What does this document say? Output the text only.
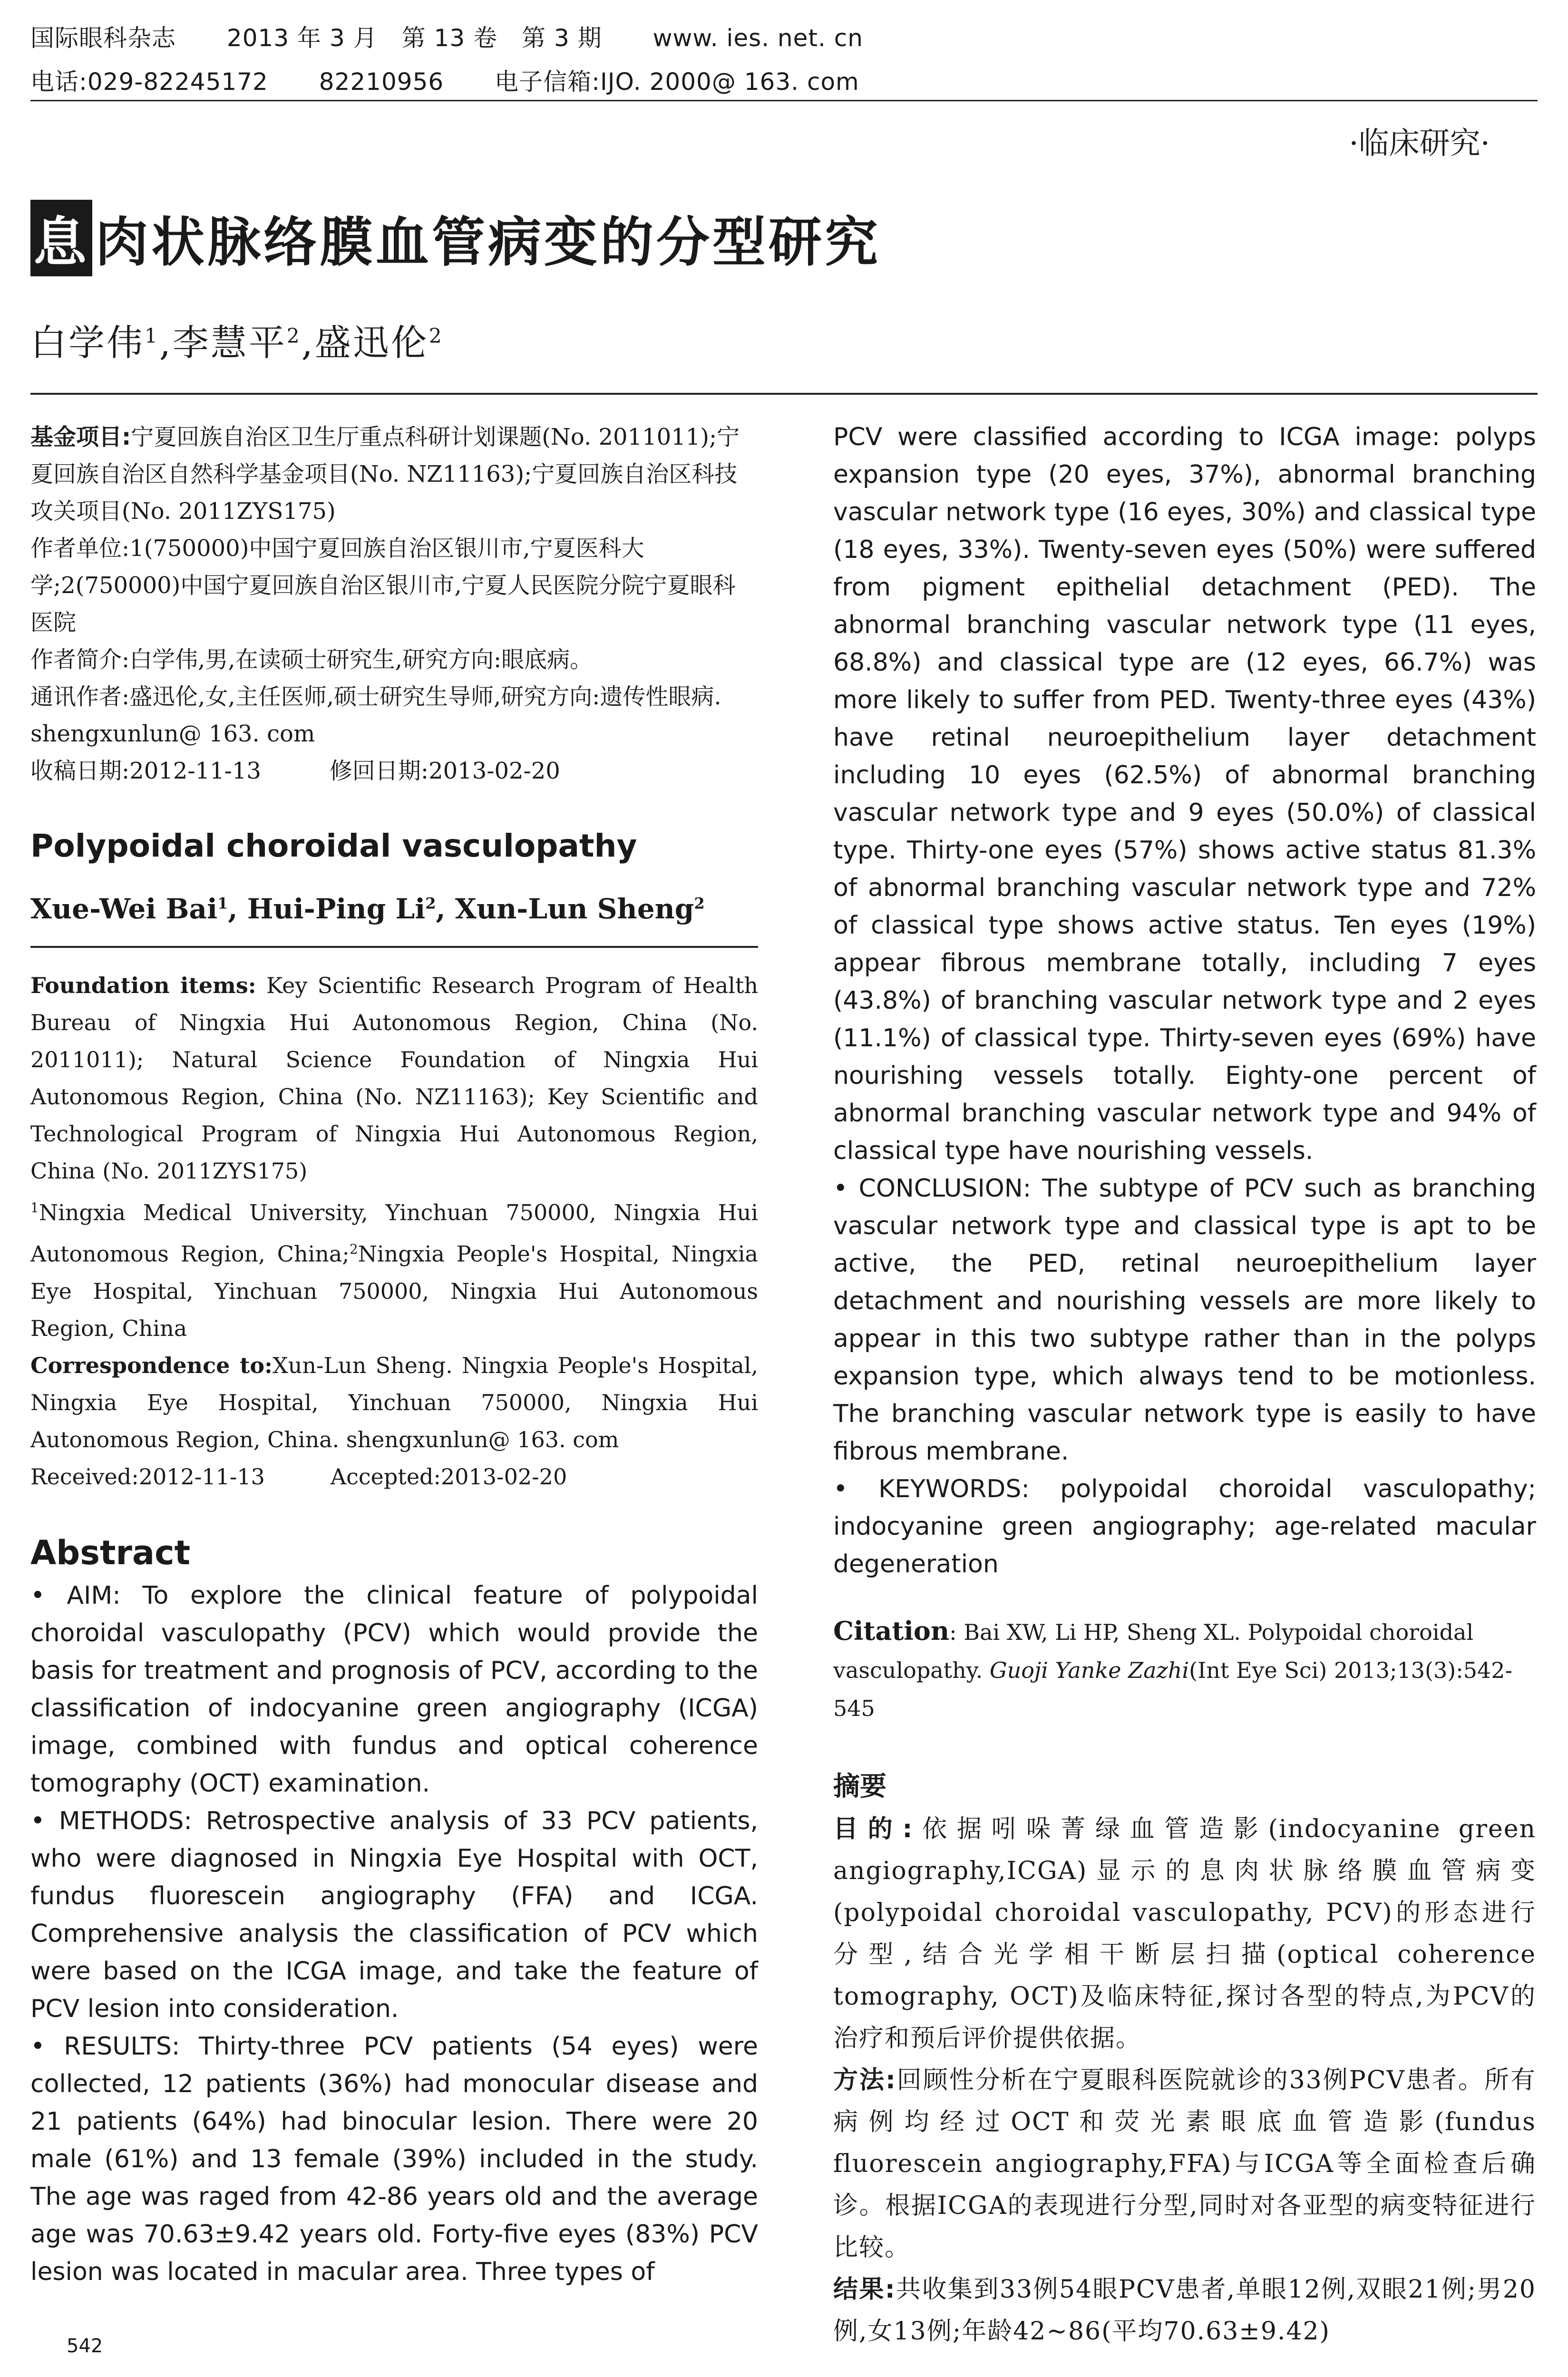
国际眼科杂志 2013 年 3 月　第 13 卷　第 3 期 www. ies. net. cn
电话:029-82245172 82210956 电子信箱:IJO. 2000@ 163. com
·临床研究·
息 肉状脉络膜血管病变的分型研究
白学伟$^1$,李慧平$^2$,盛迅伦$^2$

基金项目:宁夏回族自治区卫生厅重点科研计划课题(No. 2011011);宁夏回族自治区自然科学基金项目(No. NZ11163);宁夏回族自治区科技攻关项目(No. 2011ZYS175)

作者单位:1(750000)中国宁夏回族自治区银川市,宁夏医科大学;2(750000)中国宁夏回族自治区银川市,宁夏人民医院分院宁夏眼科医院

作者简介:白学伟,男,在读硕士研究生,研究方向:眼底病。

通讯作者:盛迅伦,女,主任医师,硕士研究生导师,研究方向:遗传性眼病. shengxunlun@ 163. com

收稿日期:2012-11-13　　　修回日期:2013-02-20

Polypoidal choroidal vasculopathy
Xue-Wei Bai$^1$, Hui-Ping Li$^2$, Xun-Lun Sheng$^2$

Foundation items: Key Scientific Research Program of Health Bureau of Ningxia Hui Autonomous Region, China (No. 2011011); Natural Science Foundation of Ningxia Hui Autonomous Region, China (No. NZ11163); Key Scientific and Technological Program of Ningxia Hui Autonomous Region, China (No. 2011ZYS175)

$^1$Ningxia Medical University, Yinchuan 750000, Ningxia Hui Autonomous Region, China;$^2$Ningxia People's Hospital, Ningxia Eye Hospital, Yinchuan 750000, Ningxia Hui Autonomous Region, China

Correspondence to:Xun-Lun Sheng. Ningxia People's Hospital, Ningxia Eye Hospital, Yinchuan 750000, Ningxia Hui Autonomous Region, China. shengxunlun@ 163. com

Received:2012-11-13　　　Accepted:2013-02-20

Abstract

• AIM: To explore the clinical feature of polypoidal choroidal vasculopathy (PCV) which would provide the basis for treatment and prognosis of PCV, according to the classification of indocyanine green angiography (ICGA) image, combined with fundus and optical coherence tomography (OCT) examination.

• METHODS: Retrospective analysis of 33 PCV patients, who were diagnosed in Ningxia Eye Hospital with OCT, fundus fluorescein angiography (FFA) and ICGA. Comprehensive analysis the classification of PCV which were based on the ICGA image, and take the feature of PCV lesion into consideration.

• RESULTS: Thirty-three PCV patients (54 eyes) were collected, 12 patients (36%) had monocular disease and 21 patients (64%) had binocular lesion. There were 20 male (61%) and 13 female (39%) included in the study. The age was raged from 42-86 years old and the average age was 70.63±9.42 years old. Forty-five eyes (83%) PCV lesion was located in macular area. Three types of

PCV were classified according to ICGA image: polyps expansion type (20 eyes, 37%), abnormal branching vascular network type (16 eyes, 30%) and classical type (18 eyes, 33%). Twenty-seven eyes (50%) were suffered from pigment epithelial detachment (PED). The abnormal branching vascular network type (11 eyes, 68.8%) and classical type are (12 eyes, 66.7%) was more likely to suffer from PED. Twenty-three eyes (43%) have retinal neuroepithelium layer detachment including 10 eyes (62.5%) of abnormal branching vascular network type and 9 eyes (50.0%) of classical type. Thirty-one eyes (57%) shows active status 81.3% of abnormal branching vascular network type and 72% of classical type shows active status. Ten eyes (19%) appear fibrous membrane totally, including 7 eyes (43.8%) of branching vascular network type and 2 eyes (11.1%) of classical type. Thirty-seven eyes (69%) have nourishing vessels totally. Eighty-one percent of abnormal branching vascular network type and 94% of classical type have nourishing vessels.

• CONCLUSION: The subtype of PCV such as branching vascular network type and classical type is apt to be active, the PED, retinal neuroepithelium layer detachment and nourishing vessels are more likely to appear in this two subtype rather than in the polyps expansion type, which always tend to be motionless. The branching vascular network type is easily to have fibrous membrane.

• KEYWORDS: polypoidal choroidal vasculopathy; indocyanine green angiography; age-related macular degeneration

Citation: Bai XW, Li HP, Sheng XL. Polypoidal choroidal vasculopathy. Guoji Yanke Zazhi(Int Eye Sci) 2013;13(3):542-545

摘要

目的:依据吲哚菁绿血管造影(indocyanine green angiography,ICGA)显示的息肉状脉络膜血管病变(polypoidal choroidal vasculopathy, PCV)的形态进行分型,结合光学相干断层扫描(optical coherence tomography, OCT)及临床特征,探讨各型的特点,为PCV的治疗和预后评价提供依据。

方法:回顾性分析在宁夏眼科医院就诊的33例PCV患者。所有病例均经过OCT和荧光素眼底血管造影(fundus fluorescein angiography,FFA)与ICGA等全面检查后确诊。根据ICGA的表现进行分型,同时对各亚型的病变特征进行比较。

结果:共收集到33例54眼PCV患者,单眼12例,双眼21例;男20例,女13例;年龄42~86(平均70.63±9.42)

542
